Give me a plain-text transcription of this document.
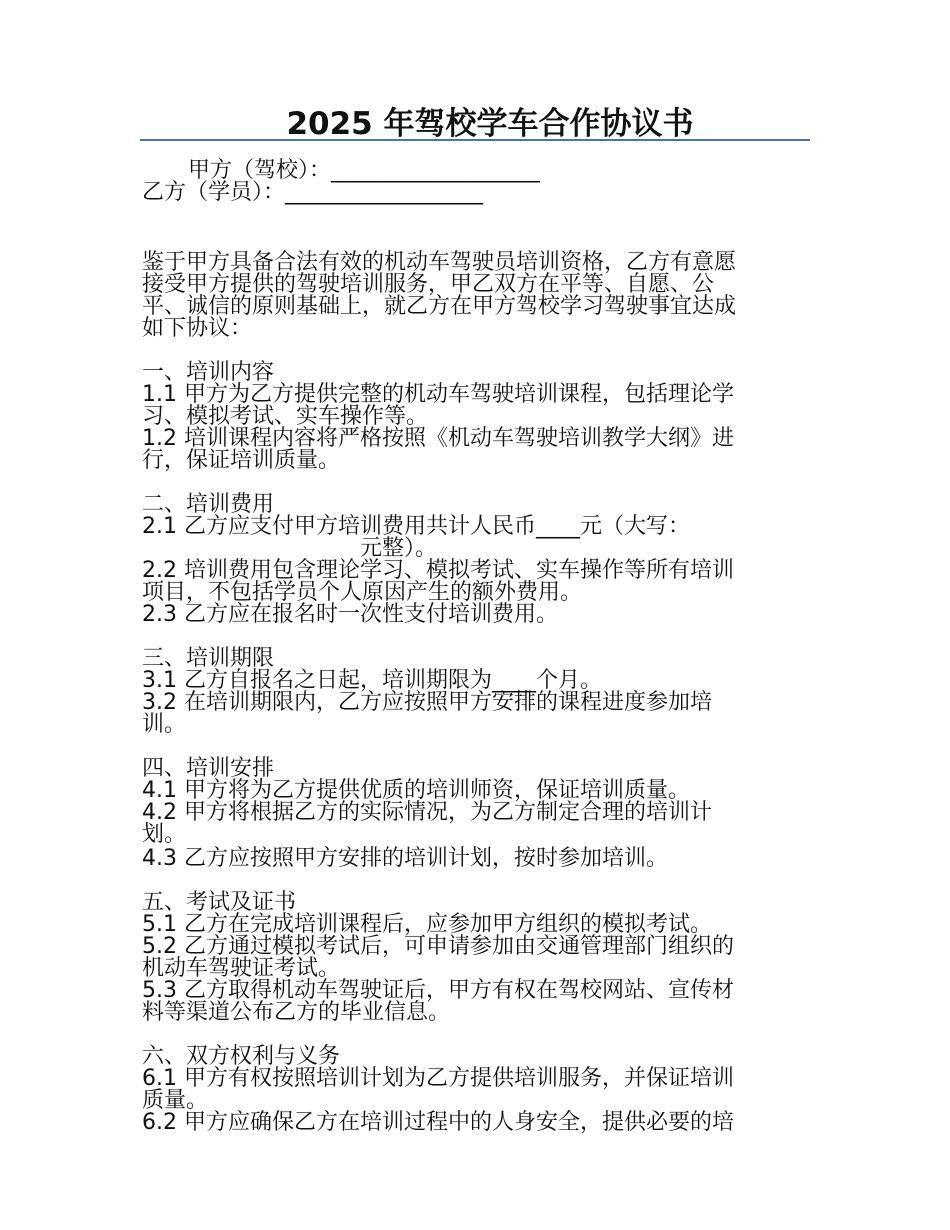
2025 年驾校学车合作协议书
甲方（驾校）：___________________
乙方（学员）：__________________
鉴于甲方具备合法有效的机动车驾驶员培训资格，乙方有意愿
接受甲方提供的驾驶培训服务，甲乙双方在平等、自愿、公
平、诚信的原则基础上，就乙方在甲方驾校学习驾驶事宜达成
如下协议：
一、培训内容
1.1 甲方为乙方提供完整的机动车驾驶培训课程，包括理论学
习、模拟考试、实车操作等。
1.2 培训课程内容将严格按照《机动车驾驶培训教学大纲》进
行，保证培训质量。
二、培训费用
2.1 乙方应支付甲方培训费用共计人民币____元（大写：
元整）。
2.2 培训费用包含理论学习、模拟考试、实车操作等所有培训
项目，不包括学员个人原因产生的额外费用。
2.3 乙方应在报名时一次性支付培训费用。
三、培训期限
3.1 乙方自报名之日起，培训期限为____个月。
3.2 在培训期限内，乙方应按照甲方安排的课程进度参加培
训。
四、培训安排
4.1 甲方将为乙方提供优质的培训师资，保证培训质量。
4.2 甲方将根据乙方的实际情况，为乙方制定合理的培训计
划。
4.3 乙方应按照甲方安排的培训计划，按时参加培训。
五、考试及证书
5.1 乙方在完成培训课程后，应参加甲方组织的模拟考试。
5.2 乙方通过模拟考试后，可申请参加由交通管理部门组织的
机动车驾驶证考试。
5.3 乙方取得机动车驾驶证后，甲方有权在驾校网站、宣传材
料等渠道公布乙方的毕业信息。
六、双方权利与义务
6.1 甲方有权按照培训计划为乙方提供培训服务，并保证培训
质量。
6.2 甲方应确保乙方在培训过程中的人身安全，提供必要的培
